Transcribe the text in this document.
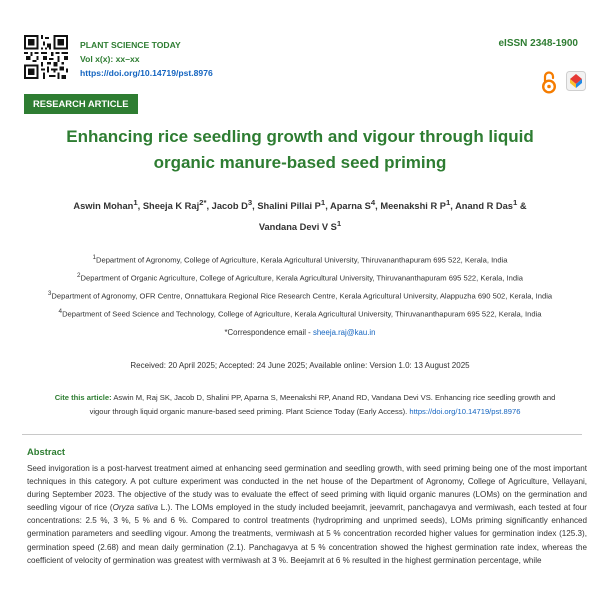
PLANT SCIENCE TODAY
Vol x(x): xx–xx
https://doi.org/10.14719/pst.8976
eISSN 2348-1900
RESEARCH ARTICLE
Enhancing rice seedling growth and vigour through liquid
organic manure-based seed priming
Aswin Mohan$^1$, Sheeja K Raj$^{2*}$, Jacob $D^3$, Shalini Pillai $P^1$, Aparna $S^4$, Meenakshi R $P^1$, Anand R Das$^1$ &
Vandana Devi V $S^1$
$^1$Department of Agronomy, College of Agriculture, Kerala Agricultural University, Thiruvananthapuram 695 522, Kerala, India
$^2$Department of Organic Agriculture, College of Agriculture, Kerala Agricultural University, Thiruvananthapuram 695 522, Kerala, India
$^3$Department of Agronomy, OFR Centre, Onnattukara Regional Rice Research Centre, Kerala Agricultural University, Alappuzha 690 502, Kerala, India
$^4$Department of Seed Science and Technology, College of Agriculture, Kerala Agricultural University, Thiruvananthapuram 695 522, Kerala, India
*Correspondence email - sheeja.raj@kau.in
Received: 20 April 2025; Accepted: 24 June 2025; Available online: Version 1.0: 13 August 2025
Cite this article: Aswin M, Raj SK, Jacob D, Shalini PP, Aparna S, Meenakshi RP, Anand RD, Vandana Devi VS. Enhancing rice seedling growth and vigour through liquid organic manure-based seed priming. Plant Science Today (Early Access). https://doi.org/10.14719/pst.8976
Abstract

Seed invigoration is a post-harvest treatment aimed at enhancing seed germination and seedling growth, with seed priming being one of the most important techniques in this category. A pot culture experiment was conducted in the net house of the Department of Agronomy, College of Agriculture, Vellayani, during September 2023. The objective of the study was to evaluate the effect of seed priming with liquid organic manures (LOMs) on the germination and seedling vigour of rice (Oryza sativa L.). The LOMs employed in the study included beejamrit, jeevamrit, panchagavya and vermiwash, each tested at four concentrations: 2.5 %, 3 %, 5 % and 6 %. Compared to control treatments (hydropriming and unprimed seeds), LOMs priming significantly enhanced germination parameters and seedling vigour. Among the treatments, vermiwash at 5 % concentration recorded higher values for germination index (125.3), germination speed (2.68) and mean daily germination (2.1). Panchagavya at 5 % concentration showed the highest germination rate index, whereas the coefficient of velocity of germination was greatest with vermiwash at 3 %. Beejamrit at 6 % resulted in the highest germination percentage, while
